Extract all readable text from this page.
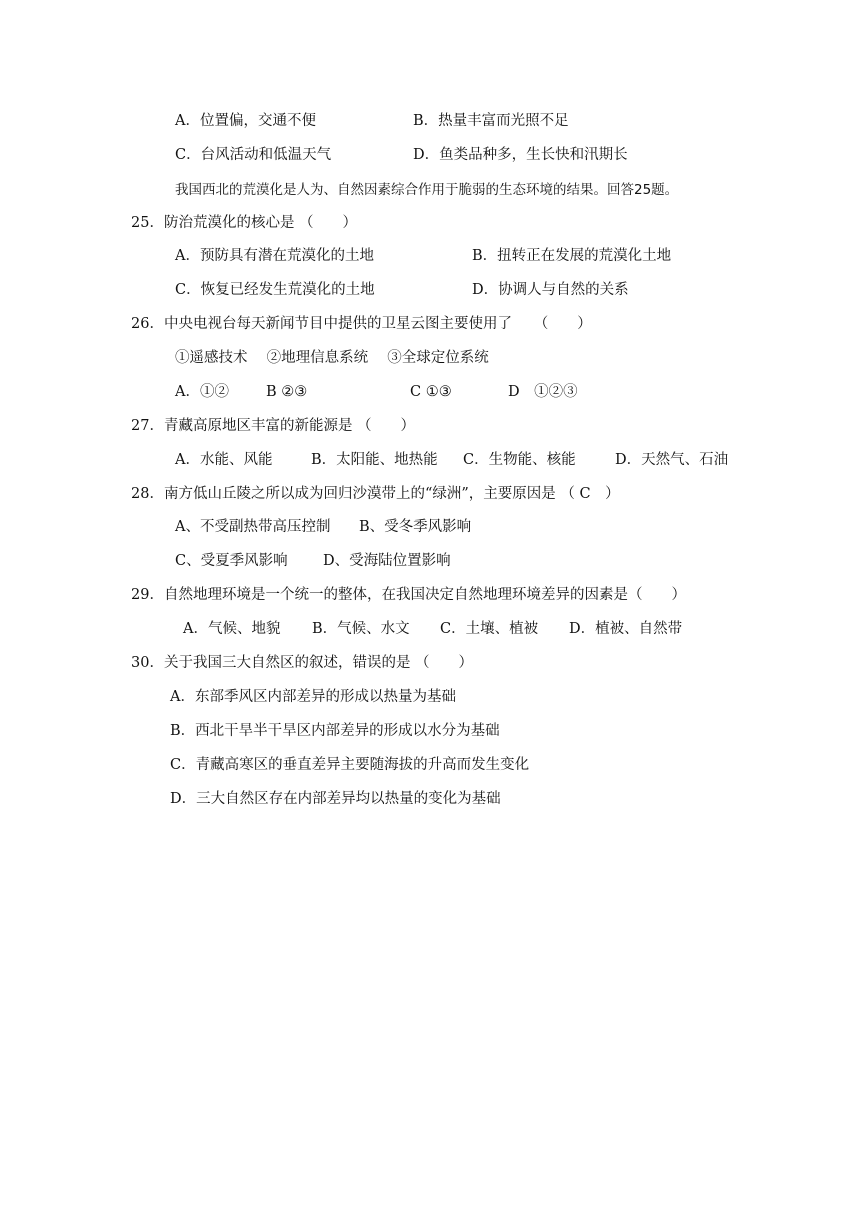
A．位置偏，交通不便	B．热量丰富而光照不足
C．台风活动和低温天气	D．鱼类品种多，生长快和汛期长
我国西北的荒漠化是人为、自然因素综合作用于脆弱的生态环境的结果。回答25题。
25．防治荒漠化的核心是 （　　）
A．预防具有潜在荒漠化的土地	B．扭转正在发展的荒漠化土地
C．恢复已经发生荒漠化的土地	D．协调人与自然的关系
26．中央电视台每天新闻节目中提供的卫星云图主要使用了　　（　　）
①遥感技术　 ②地理信息系统　 ③全球定位系统
A．①②	B ②③	C ①③	D　①②③
27．青藏高原地区丰富的新能源是 （　　）
A．水能、风能	B．太阳能、地热能 C．生物能、核能	D．天然气、石油
28．南方低山丘陵之所以成为回归沙漠带上的“绿洲”，主要原因是 （ C　）
A、不受副热带高压控制 B、受冬季风影响
C、受夏季风影响 D、受海陆位置影响
29．自然地理环境是一个统一的整体，在我国决定自然地理环境差异的因素是（　　）
A．气候、地貌 B．气候、水文 C．土壤、植被 D．植被、自然带
30．关于我国三大自然区的叙述，错误的是 （　　）
A．东部季风区内部差异的形成以热量为基础
B．西北干旱半干旱区内部差异的形成以水分为基础
C．青藏高寒区的垂直差异主要随海拔的升高而发生变化
D．三大自然区存在内部差异均以热量的变化为基础
